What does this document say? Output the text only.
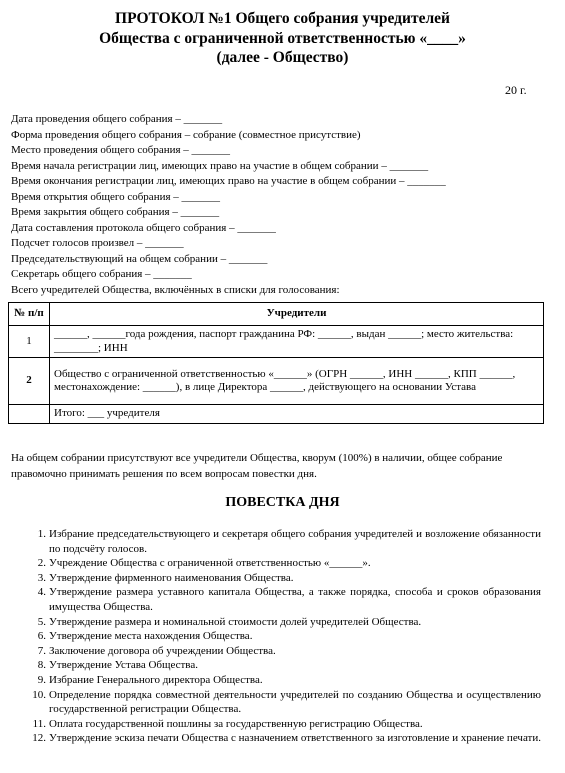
ПРОТОКОЛ №1 Общего собрания учредителей
Общества с ограниченной ответственностью «____»
(далее - Общество)
20 г.
Дата проведения общего собрания – _______
Форма проведения общего собрания – собрание (совместное присутствие)
Место проведения общего собрания – _______
Время начала регистрации лиц, имеющих право на участие в общем собрании – _______
Время окончания регистрации лиц, имеющих право на участие в общем собрании – _______
Время открытия общего собрания – _______
Время закрытия общего собрания – _______
Дата составления протокола общего собрания – _______
Подсчет голосов произвел – _______
Председательствующий на общем собрании – _______
Секретарь общего собрания – _______
Всего учредителей Общества, включённых в списки для голосования:
№ п/п	Учредители
1	______, ______года рождения, паспорт гражданина РФ: ______, выдан ______; место жительства: ________; ИНН
2	Общество с ограниченной ответственностью «______» (ОГРН ______, ИНН ______, КПП ______, местонахождение: ______), в лице Директора ______, действующего на основании Устава
	Итого: ___ учредителя
На общем собрании присутствуют все учредители Общества, кворум (100%) в наличии, общее собрание правомочно принимать решения по всем вопросам повестки дня.
ПОВЕСТКА ДНЯ
1. Избрание председательствующего и секретаря общего собрания учредителей и возложение обязанности по подсчёту голосов.
2. Учреждение Общества с ограниченной ответственностью «______».
3. Утверждение фирменного наименования Общества.
4. Утверждение размера уставного капитала Общества, а также порядка, способа и сроков образования имущества Общества.
5. Утверждение размера и номинальной стоимости долей учредителей Общества.
6. Утверждение места нахождения Общества.
7. Заключение договора об учреждении Общества.
8. Утверждение Устава Общества.
9. Избрание Генерального директора Общества.
10. Определение порядка совместной деятельности учредителей по созданию Общества и осуществлению государственной регистрации Общества.
11. Оплата государственной пошлины за государственную регистрацию Общества.
12. Утверждение эскиза печати Общества с назначением ответственного за изготовление и хранение печати.
